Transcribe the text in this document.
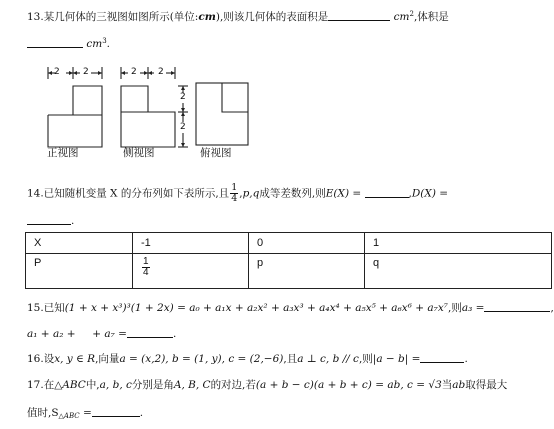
13.某几何体的三视图如图所示(单位:cm),则该几何体的表面积是	$cm^2$,体积是
$cm^3$.
2	2	2 2
2
2
正视图	侧视图	俯视图
14.已知随机变量 X 的分布列如下表所示,且 $\frac{1}{4} ,p,q$成等差数列,则E(X) =	,D(X) =
.
X	-1	0	1
P	$\frac{1}{4}$	p	q
15.已知(1 + x + x³)³(1 + 2x) = a₀ + a₁x + a₂x² + a₃x³ + a₄x⁴ + a₅x⁵ + a₆x⁶ + a₇x⁷,则a₃ =	,
a₁ + a₂ +     + a₇ =	.
16.设x, y ∈ R,向量a = (x,2), b = (1, y), c = (2,−6),且a ⊥ c, b // c,则|a − b| =	.
17.在△ABC中,a, b, c分别是角A, B, C的对边,若(a + b − c)(a + b + c) = ab, c = √3当ab取得最大
值时$,S_{\triangle ABC}$ =	.
